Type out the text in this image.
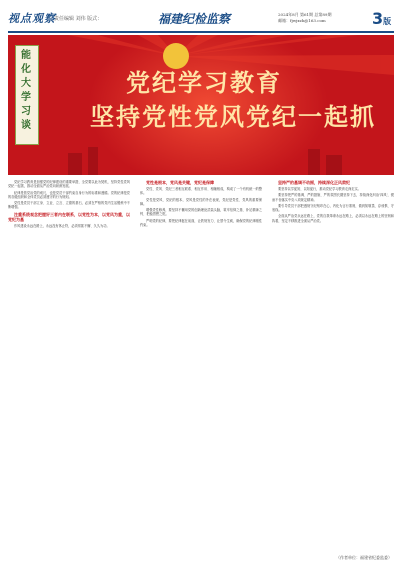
视点观察
责任编辑 刘伟 版式：	福建纪检监察	2024年8月 第61期 总第89期
邮箱：fjwjxzb@163.com	3版
党纪学习教育
坚持党性党风党纪一起抓
能化大学习谈

党纪学习教育是加强党的纪律建设的重要举措，全党要以此为契机，坚持党性党风党纪一起抓，推动全面从严治党向纵深发展。

纪律是管党治党的戒尺，也是党员干部约束自身行为的标准和遵循。党的纪律是党的各级组织和全体党员必须遵守的行为规则。

党性是党员干部立身、立业、立言、立德的基石，必须在严格的党内生活锻炼中不断增强。

注重系统观念把握好三者内在联系，以党性为本，以党风为重，以党纪为基

作风建设永远在路上，永远没有休止符，必须常抓不懈、久久为功。

党性是根本，党风是关键，党纪是保障

党性、党风、党纪三者相互联系、相互作用、相辅相成，构成了一个有机统一的整体。

党性是党风、党纪的根本，党风是党性的外在表现，党纪是党性、党风的重要保障。

增强党性修养，要坚持不懈用党的创新理论武装头脑，筑牢信仰之基、补足精神之钙、把稳思想之舵。

严明党的纪律，要把纪律挺在前面，让铁规发力、让禁令生威，确保党的纪律刚性约束。

坚持严的基调不动摇，持续深化正风肃纪

要坚持以学促知、以知促行，推动党纪学习教育走深走实。

要坚持把严的基调、严的措施、严的氛围长期坚持下去，持续深化纠治'四风'，锲而不舍落实中央八项规定精神。

要引导党员干部把遵规守纪刻印在心，内化为言行准则，做到知敬畏、存戒惧、守底线。

全面从严治党永远在路上，党的自我革命永远在路上，必须以永远在路上的坚韧和执着，坚定不移推进全面从严治党。

（作者单位：福建省纪委监委）
